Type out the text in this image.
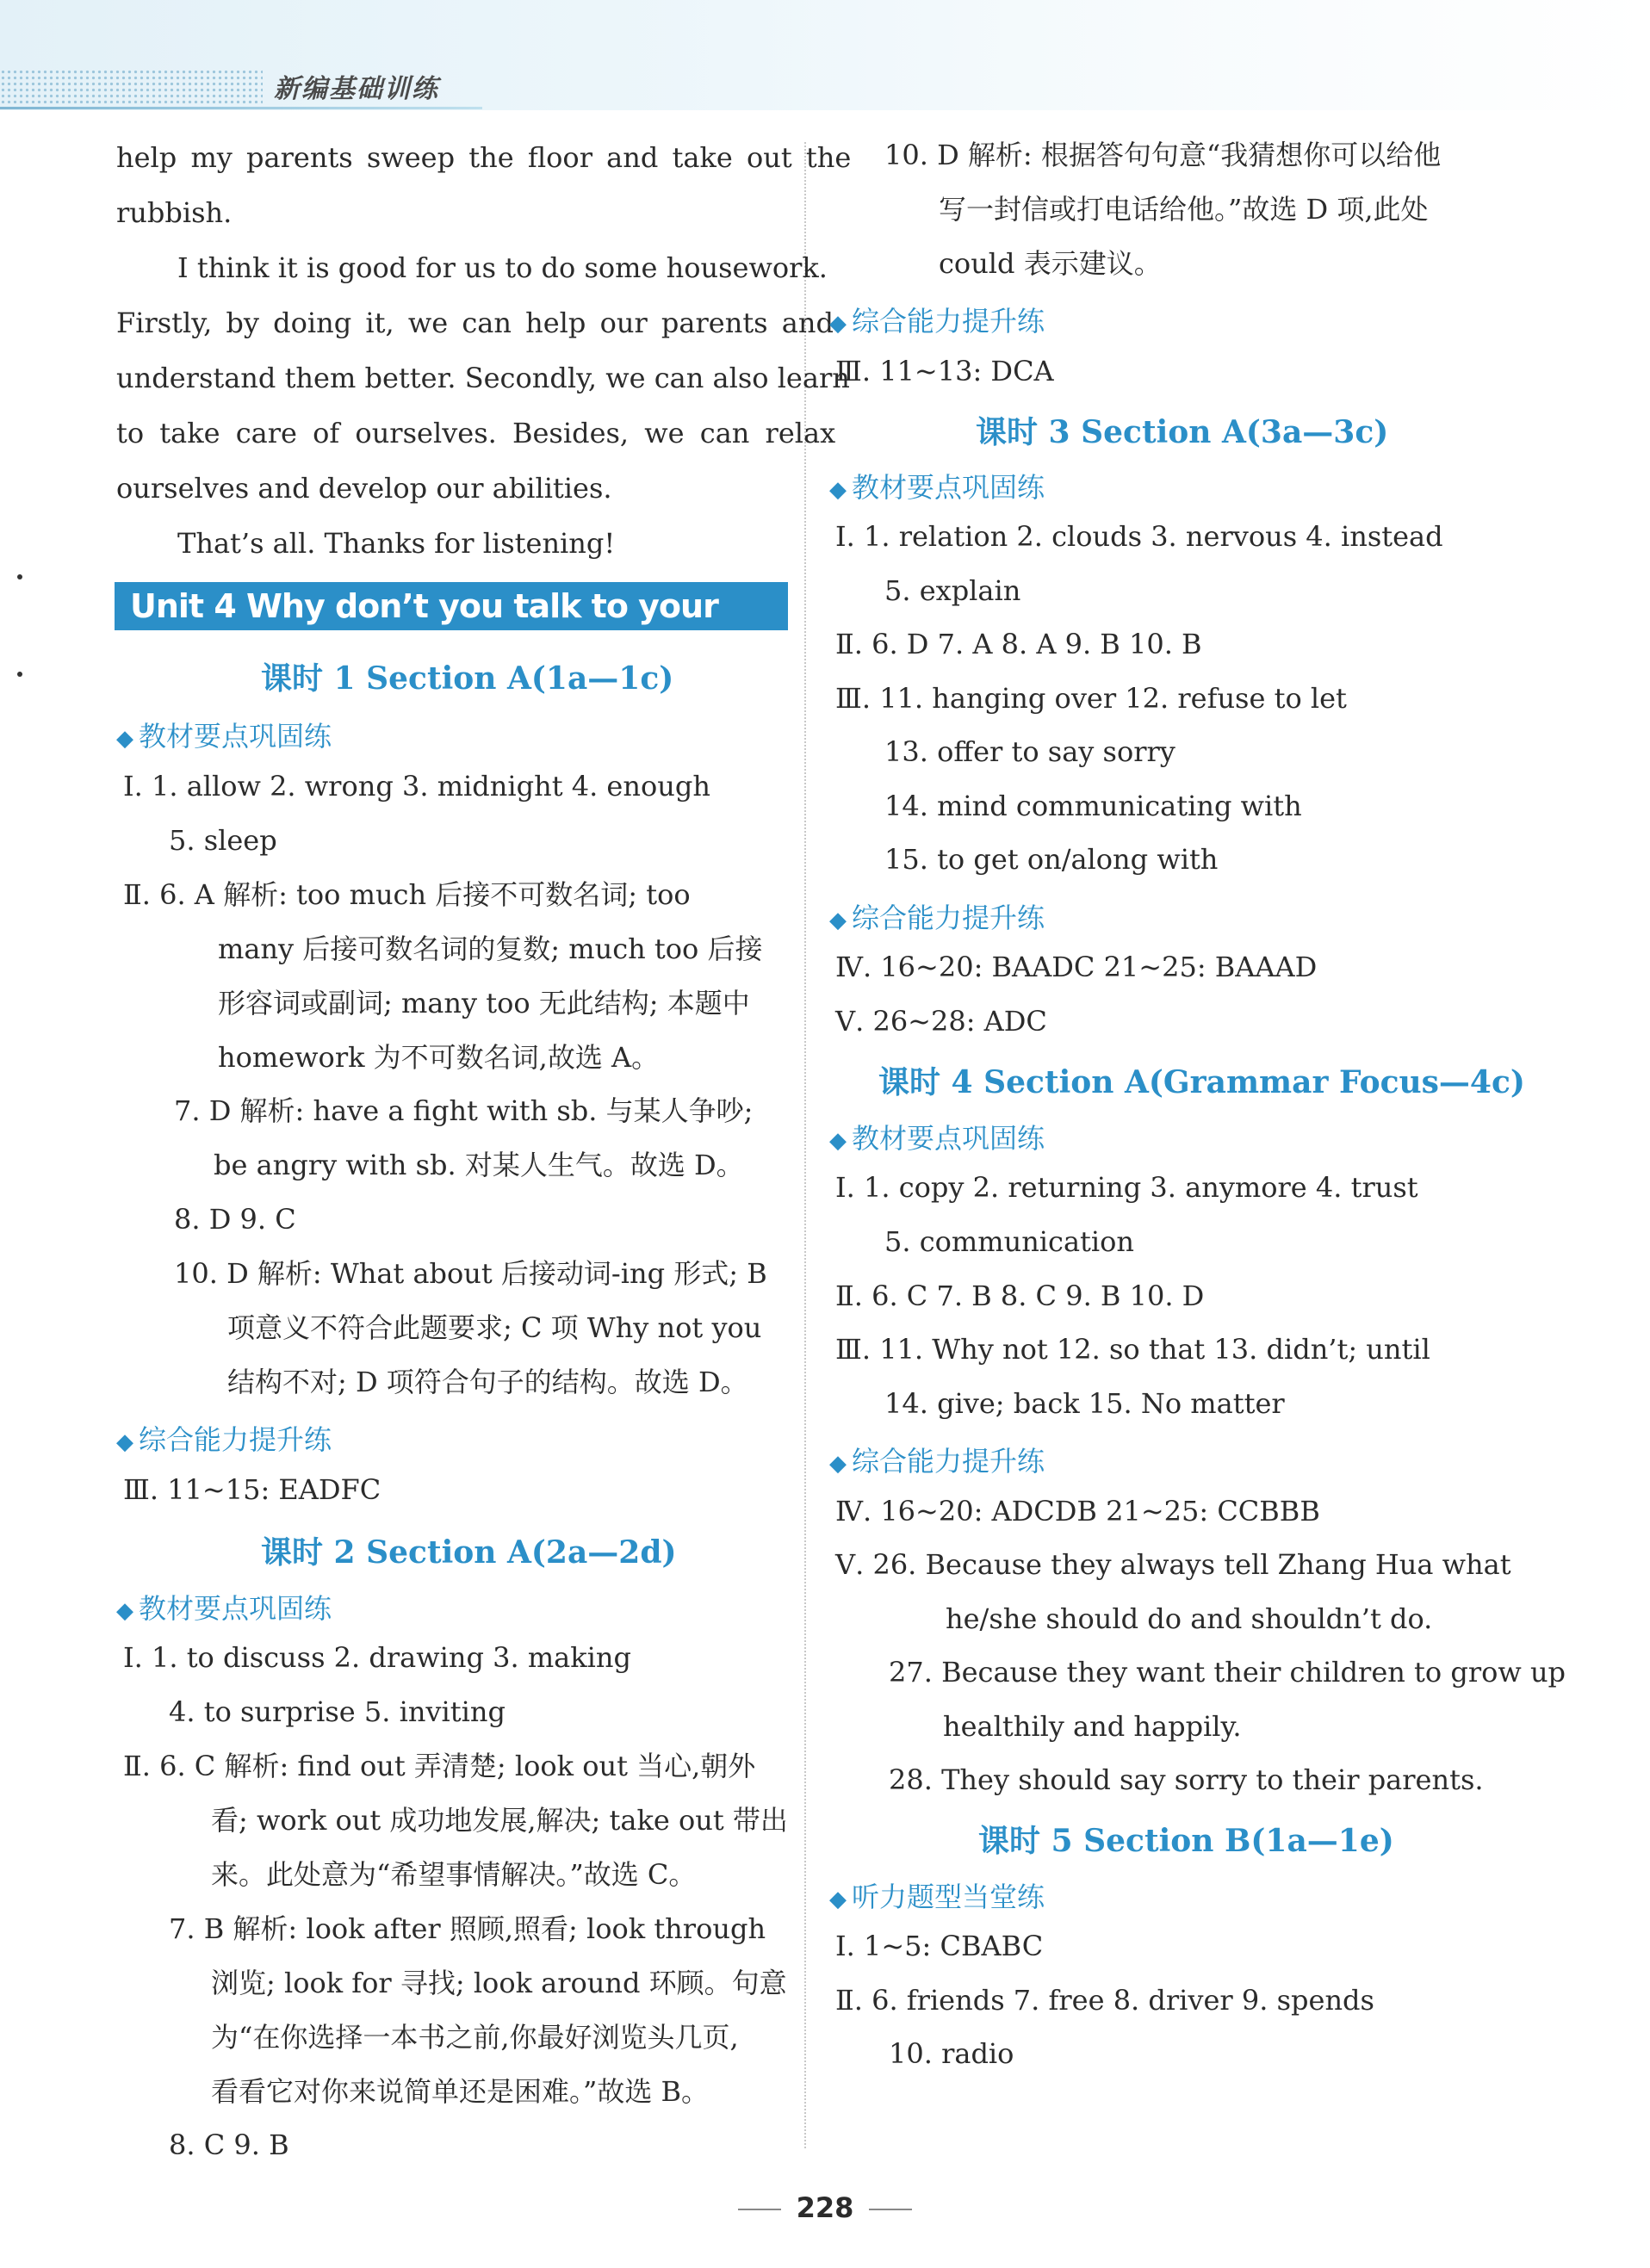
新编基础训练
help my parents sweep the floor and take out the
rubbish.
I think it is good for us to do some housework.
Firstly, by doing it, we can help our parents and
understand them better. Secondly, we can also learn
to take care of ourselves. Besides, we can relax
ourselves and develop our abilities.
That’s all. Thanks for listening!
Unit 4 Why don’t you talk to your parents?
课时 1 Section A(1a—1c)
◆ 教材要点巩固练
Ⅰ. 1. allow 2. wrong 3. midnight 4. enough
5. sleep
Ⅱ. 6. A 解析: too much 后接不可数名词; too
many 后接可数名词的复数; much too 后接
形容词或副词; many too 无此结构; 本题中
homework 为不可数名词,故选 A。
7. D 解析: have a fight with sb. 与某人争吵;
be angry with sb. 对某人生气。故选 D。
8. D 9. C
10. D 解析: What about 后接动词-ing 形式; B
项意义不符合此题要求; C 项 Why not you
结构不对; D 项符合句子的结构。故选 D。
◆ 综合能力提升练
Ⅲ. 11~15: EADFC
课时 2 Section A(2a—2d)
◆ 教材要点巩固练
Ⅰ. 1. to discuss 2. drawing 3. making
4. to surprise 5. inviting
Ⅱ. 6. C 解析: find out 弄清楚; look out 当心,朝外
看; work out 成功地发展,解决; take out 带出
来。此处意为“希望事情解决。”故选 C。
7. B 解析: look after 照顾,照看; look through
浏览; look for 寻找; look around 环顾。句意
为“在你选择一本书之前,你最好浏览头几页,
看看它对你来说简单还是困难。”故选 B。
8. C 9. B
10. D 解析: 根据答句句意“我猜想你可以给他
写一封信或打电话给他。”故选 D 项,此处
could 表示建议。
◆ 综合能力提升练
Ⅲ. 11~13: DCA
课时 3 Section A(3a—3c)
◆ 教材要点巩固练
Ⅰ. 1. relation 2. clouds 3. nervous 4. instead
5. explain
Ⅱ. 6. D 7. A 8. A 9. B 10. B
Ⅲ. 11. hanging over 12. refuse to let
13. offer to say sorry
14. mind communicating with
15. to get on/along with
◆ 综合能力提升练
Ⅳ. 16~20: BAADC 21~25: BAAAD
Ⅴ. 26~28: ADC
课时 4 Section A(Grammar Focus—4c)
◆ 教材要点巩固练
Ⅰ. 1. copy 2. returning 3. anymore 4. trust
5. communication
Ⅱ. 6. C 7. B 8. C 9. B 10. D
Ⅲ. 11. Why not 12. so that 13. didn’t; until
14. give; back 15. No matter
◆ 综合能力提升练
Ⅳ. 16~20: ADCDB 21~25: CCBBB
Ⅴ. 26. Because they always tell Zhang Hua what
he/she should do and shouldn’t do.
27. Because they want their children to grow up
healthily and happily.
28. They should say sorry to their parents.
课时 5 Section B(1a—1e)
◆ 听力题型当堂练
Ⅰ. 1~5: CBABC
Ⅱ. 6. friends 7. free 8. driver 9. spends
10. radio
228
